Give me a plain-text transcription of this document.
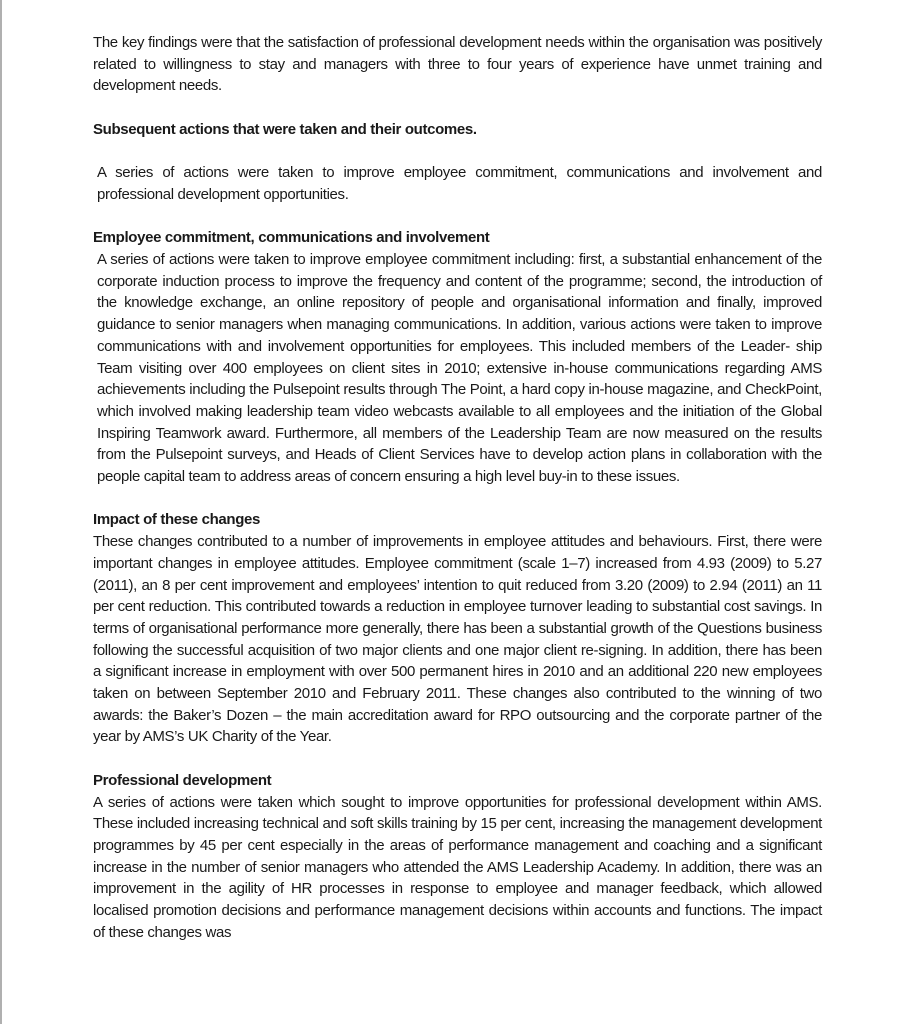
The key findings were that the satisfaction of professional development needs within the organisation was positively related to willingness to stay and managers with three to four years of experience have unmet training and development needs.

Subsequent actions that were taken and their outcomes.

A series of actions were taken to improve employee commitment, communications and involvement and professional development opportunities.

Employee commitment, communications and involvement

A series of actions were taken to improve employee commitment including: first, a substantial enhancement of the corporate induction process to improve the frequency and content of the programme; second, the introduction of the knowledge exchange, an online repository of people and organisational information and finally, improved guidance to senior managers when managing communications. In addition, various actions were taken to improve communications with and involvement opportunities for employees. This included members of the Leader- ship Team visiting over 400 employees on client sites in 2010; extensive in-house communications regarding AMS achievements including the Pulsepoint results through The Point, a hard copy in-house magazine, and CheckPoint, which involved making leadership team video webcasts available to all employees and the initiation of the Global Inspiring Teamwork award. Furthermore, all members of the Leadership Team are now measured on the results from the Pulsepoint surveys, and Heads of Client Services have to develop action plans in collaboration with the people capital team to address areas of concern ensuring a high level buy-in to these issues.

Impact of these changes

These changes contributed to a number of improvements in employee attitudes and behaviours. First, there were important changes in employee attitudes. Employee commitment (scale 1–7) increased from 4.93 (2009) to 5.27 (2011), an 8 per cent improvement and employees’ intention to quit reduced from 3.20 (2009) to 2.94 (2011) an 11 per cent reduction. This contributed towards a reduction in employee turnover leading to substantial cost savings. In terms of organisational performance more generally, there has been a substantial growth of the Questions business following the successful acquisition of two major clients and one major client re-signing. In addition, there has been a significant increase in employment with over 500 permanent hires in 2010 and an additional 220 new employees taken on between September 2010 and February 2011. These changes also contributed to the winning of two awards: the Baker’s Dozen – the main accreditation award for RPO outsourcing and the corporate partner of the year by AMS’s UK Charity of the Year.

Professional development

A series of actions were taken which sought to improve opportunities for professional development within AMS. These included increasing technical and soft skills training by 15 per cent, increasing the management development programmes by 45 per cent especially in the areas of performance management and coaching and a significant increase in the number of senior managers who attended the AMS Leadership Academy. In addition, there was an improvement in the agility of HR processes in response to employee and manager feedback, which allowed localised promotion decisions and performance management decisions within accounts and functions. The impact of these changes was
